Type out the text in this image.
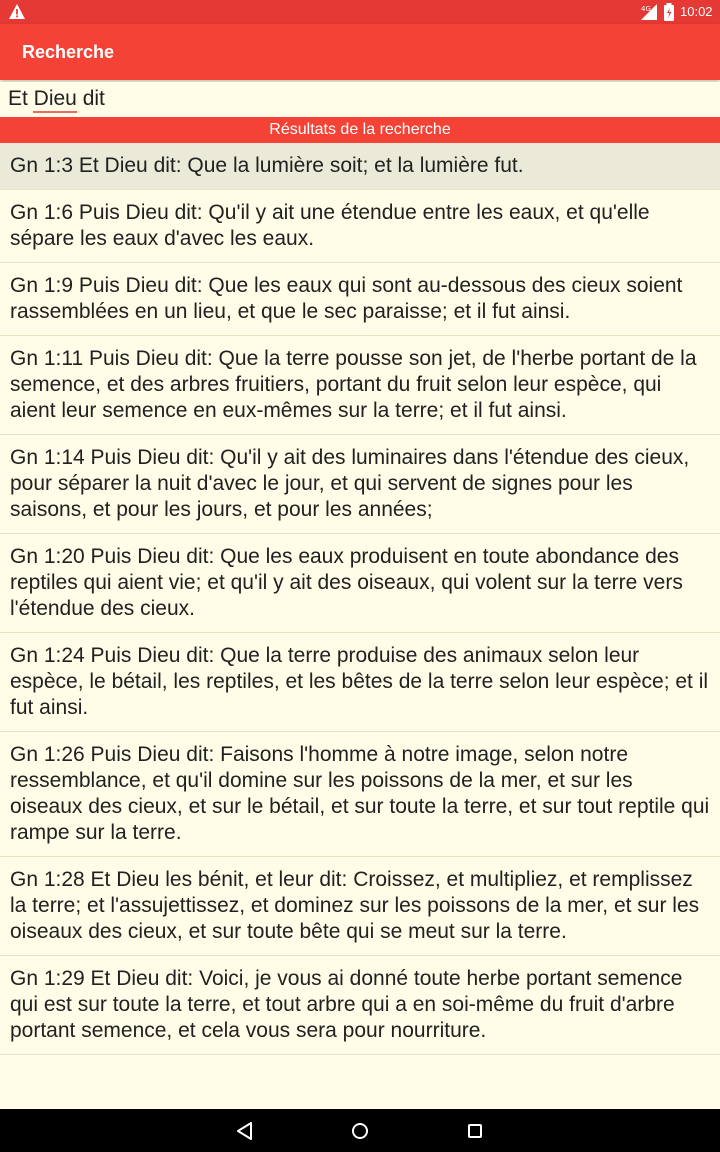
4G 10:02
Recherche
Et Dieu dit
Résultats de la recherche
Gn 1:3 Et Dieu dit: Que la lumière soit; et la lumière fut.
Gn 1:6 Puis Dieu dit: Qu'il y ait une étendue entre les eaux, et qu'elle sépare les eaux d'avec les eaux.
Gn 1:9 Puis Dieu dit: Que les eaux qui sont au-dessous des cieux soient rassemblées en un lieu, et que le sec paraisse; et il fut ainsi.
Gn 1:11 Puis Dieu dit: Que la terre pousse son jet, de l'herbe portant de la semence, et des arbres fruitiers, portant du fruit selon leur espèce, qui aient leur semence en eux-mêmes sur la terre; et il fut ainsi.
Gn 1:14 Puis Dieu dit: Qu'il y ait des luminaires dans l'étendue des cieux, pour séparer la nuit d'avec le jour, et qui servent de signes pour les saisons, et pour les jours, et pour les années;
Gn 1:20 Puis Dieu dit: Que les eaux produisent en toute abondance des reptiles qui aient vie; et qu'il y ait des oiseaux, qui volent sur la terre vers l'étendue des cieux.
Gn 1:24 Puis Dieu dit: Que la terre produise des animaux selon leur espèce, le bétail, les reptiles, et les bêtes de la terre selon leur espèce; et il fut ainsi.
Gn 1:26 Puis Dieu dit: Faisons l'homme à notre image, selon notre ressemblance, et qu'il domine sur les poissons de la mer, et sur les oiseaux des cieux, et sur le bétail, et sur toute la terre, et sur tout reptile qui rampe sur la terre.
Gn 1:28 Et Dieu les bénit, et leur dit: Croissez, et multipliez, et remplissez la terre; et l'assujettissez, et dominez sur les poissons de la mer, et sur les oiseaux des cieux, et sur toute bête qui se meut sur la terre.
Gn 1:29 Et Dieu dit: Voici, je vous ai donné toute herbe portant semence qui est sur toute la terre, et tout arbre qui a en soi-même du fruit d'arbre portant semence, et cela vous sera pour nourriture.
